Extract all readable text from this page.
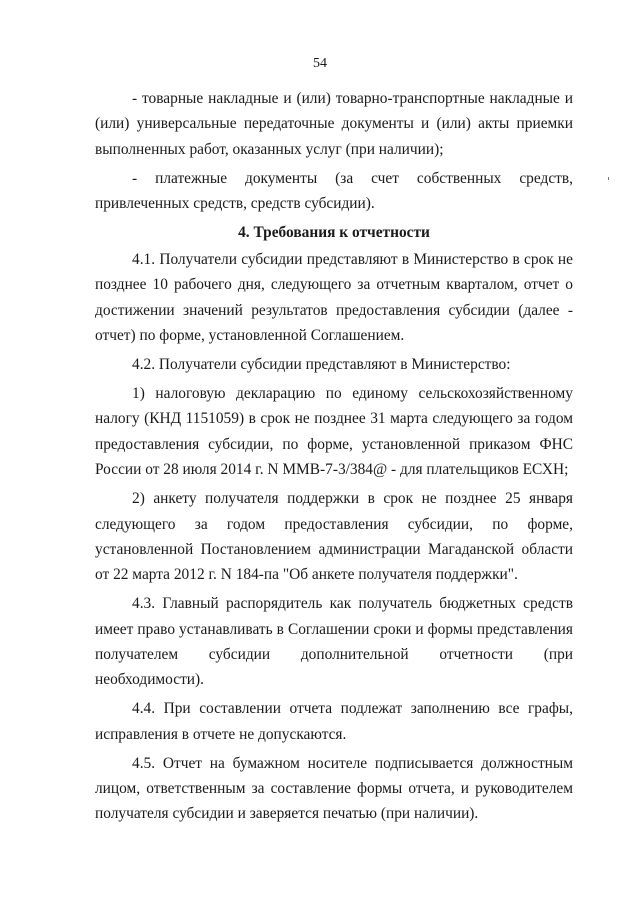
54

- товарные накладные и (или) товарно-транспортные накладные и (или) универсальные передаточные документы и (или) акты приемки выполненных работ, оказанных услуг (при наличии);

- платежные документы (за счет собственных средств, привлеченных средств, средств субсидии).

4. Требования к отчетности

4.1. Получатели субсидии представляют в Министерство в срок не позднее 10 рабочего дня, следующего за отчетным кварталом, отчет о достижении значений результатов предоставления субсидии (далее - отчет) по форме, установленной Соглашением.

4.2. Получатели субсидии представляют в Министерство:

1) налоговую декларацию по единому сельскохозяйственному налогу (КНД 1151059) в срок не позднее 31 марта следующего за годом предоставления субсидии, по форме, установленной приказом ФНС России от 28 июля 2014 г. N ММВ-7-3/384@ - для плательщиков ЕСХН;

2) анкету получателя поддержки в срок не позднее 25 января следующего за годом предоставления субсидии, по форме, установленной Постановлением администрации Магаданской области от 22 марта 2012 г. N 184-па "Об анкете получателя поддержки".

4.3. Главный распорядитель как получатель бюджетных средств имеет право устанавливать в Соглашении сроки и формы представления получателем субсидии дополнительной отчетности (при необходимости).

4.4. При составлении отчета подлежат заполнению все графы, исправления в отчете не допускаются.

4.5. Отчет на бумажном носителе подписывается должностным лицом, ответственным за составление формы отчета, и руководителем получателя субсидии и заверяется печатью (при наличии).
